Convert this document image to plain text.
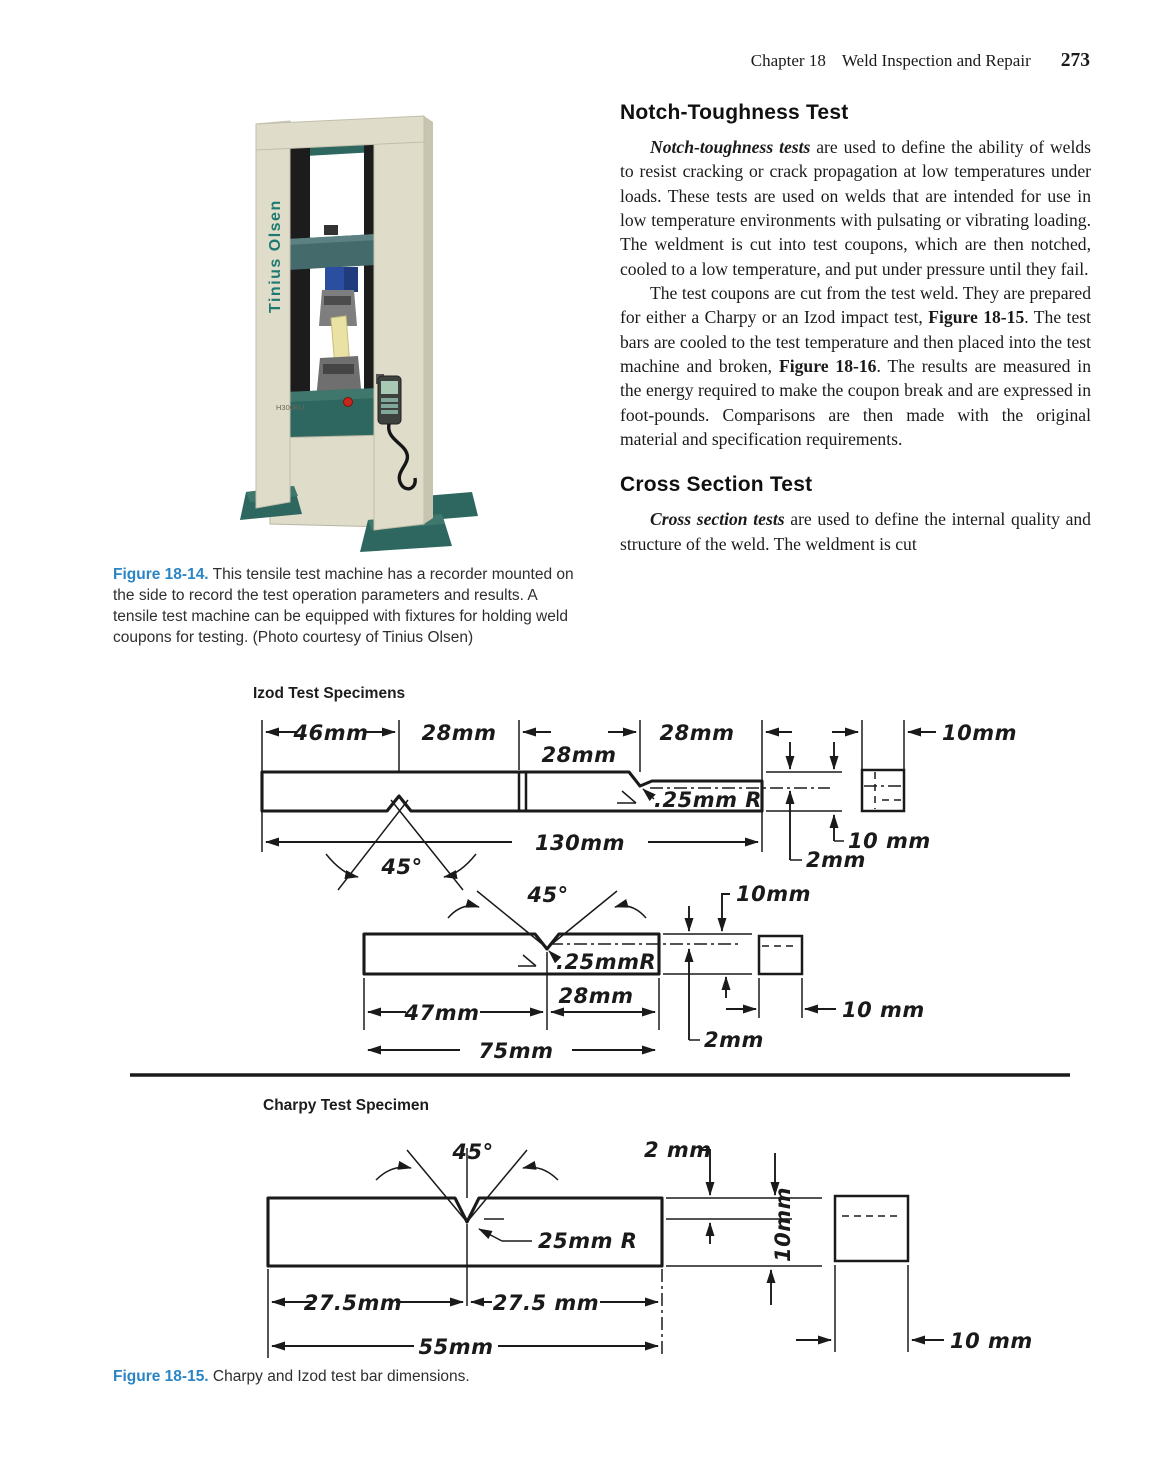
Chapter 18 Weld Inspection and Repair 273
Tinius Olsen
H300KU
Figure 18-14. This tensile test machine has a recorder mounted on the side to record the test operation parameters and results. A tensile test machine can be equipped with fixtures for holding weld coupons for testing. (Photo courtesy of Tinius Olsen)
Notch-Toughness Test

Notch-toughness tests are used to define the ability of welds to resist cracking or crack propagation at low temperatures under loads. These tests are used on welds that are intended for use in low temperature environments with pulsating or vibrating loading. The weldment is cut into test coupons, which are then notched, cooled to a low temperature, and put under pressure until they fail.

The test coupons are cut from the test weld. They are prepared for either a Charpy or an Izod impact test, Figure 18-15. The test bars are cooled to the test temperature and then placed into the test machine and broken, Figure 18-16. The results are measured in the energy required to make the coupon break and are expressed in foot-pounds. Comparisons are then made with the original material and specification requirements.

Cross Section Test

Cross section tests are used to define the internal quality and structure of the weld. The weldment is cut

Izod Test Specimens
46mm	28mm
28mm
28mm	10mm
130mm
45°
.25mm R
2mm
10 mm
45°
.25mmR
10mm
2mm
10 mm
47mm
28mm
75mm
Charpy Test Specimen
45°
25mm R
2 mm
10mm
10 mm
27.5mm	27.5 mm
55mm
Figure 18-15. Charpy and Izod test bar dimensions.
